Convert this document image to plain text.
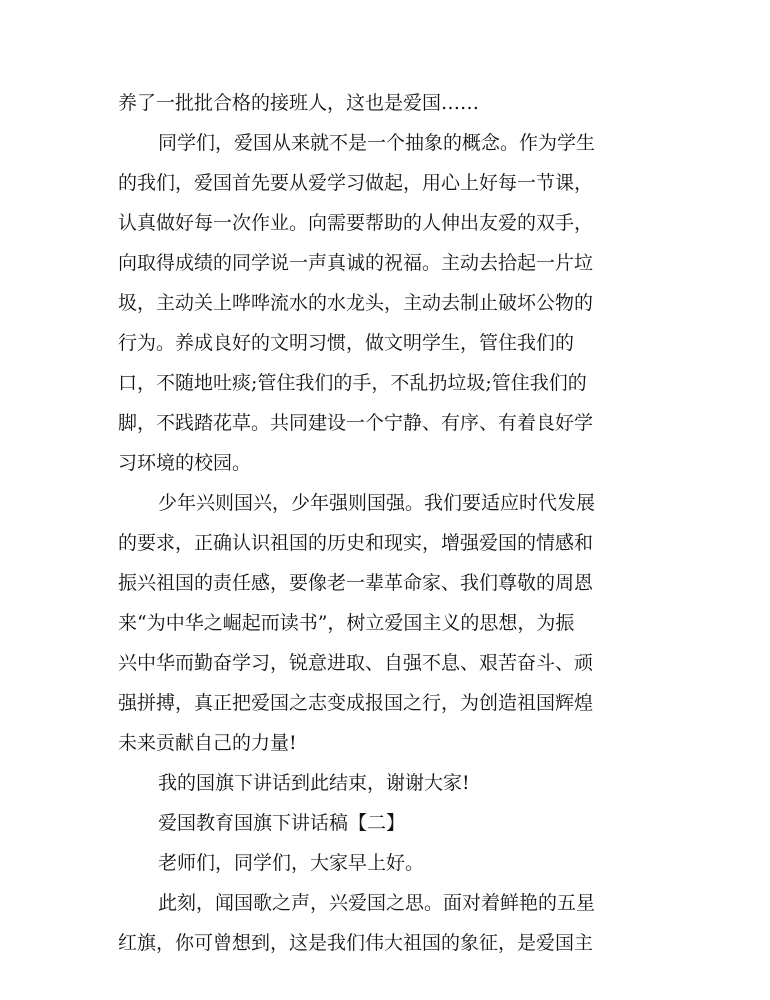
养了一批批合格的接班人，这也是爱国……
同学们，爱国从来就不是一个抽象的概念。作为学生
的我们，爱国首先要从爱学习做起，用心上好每一节课，
认真做好每一次作业。向需要帮助的人伸出友爱的双手，
向取得成绩的同学说一声真诚的祝福。主动去拾起一片垃
圾，主动关上哗哗流水的水龙头，主动去制止破坏公物的
行为。养成良好的文明习惯，做文明学生，管住我们的
口，不随地吐痰;管住我们的手，不乱扔垃圾;管住我们的
脚，不践踏花草。共同建设一个宁静、有序、有着良好学
习环境的校园。
少年兴则国兴，少年强则国强。我们要适应时代发展
的要求，正确认识祖国的历史和现实，增强爱国的情感和
振兴祖国的责任感，要像老一辈革命家、我们尊敬的周恩
来“为中华之崛起而读书”，树立爱国主义的思想，为振
兴中华而勤奋学习，锐意进取、自强不息、艰苦奋斗、顽
强拼搏，真正把爱国之志变成报国之行，为创造祖国辉煌
未来贡献自己的力量!
我的国旗下讲话到此结束，谢谢大家!
爱国教育国旗下讲话稿【二】
老师们，同学们，大家早上好。
此刻，闻国歌之声，兴爱国之思。面对着鲜艳的五星
红旗，你可曾想到，这是我们伟大祖国的象征，是爱国主
